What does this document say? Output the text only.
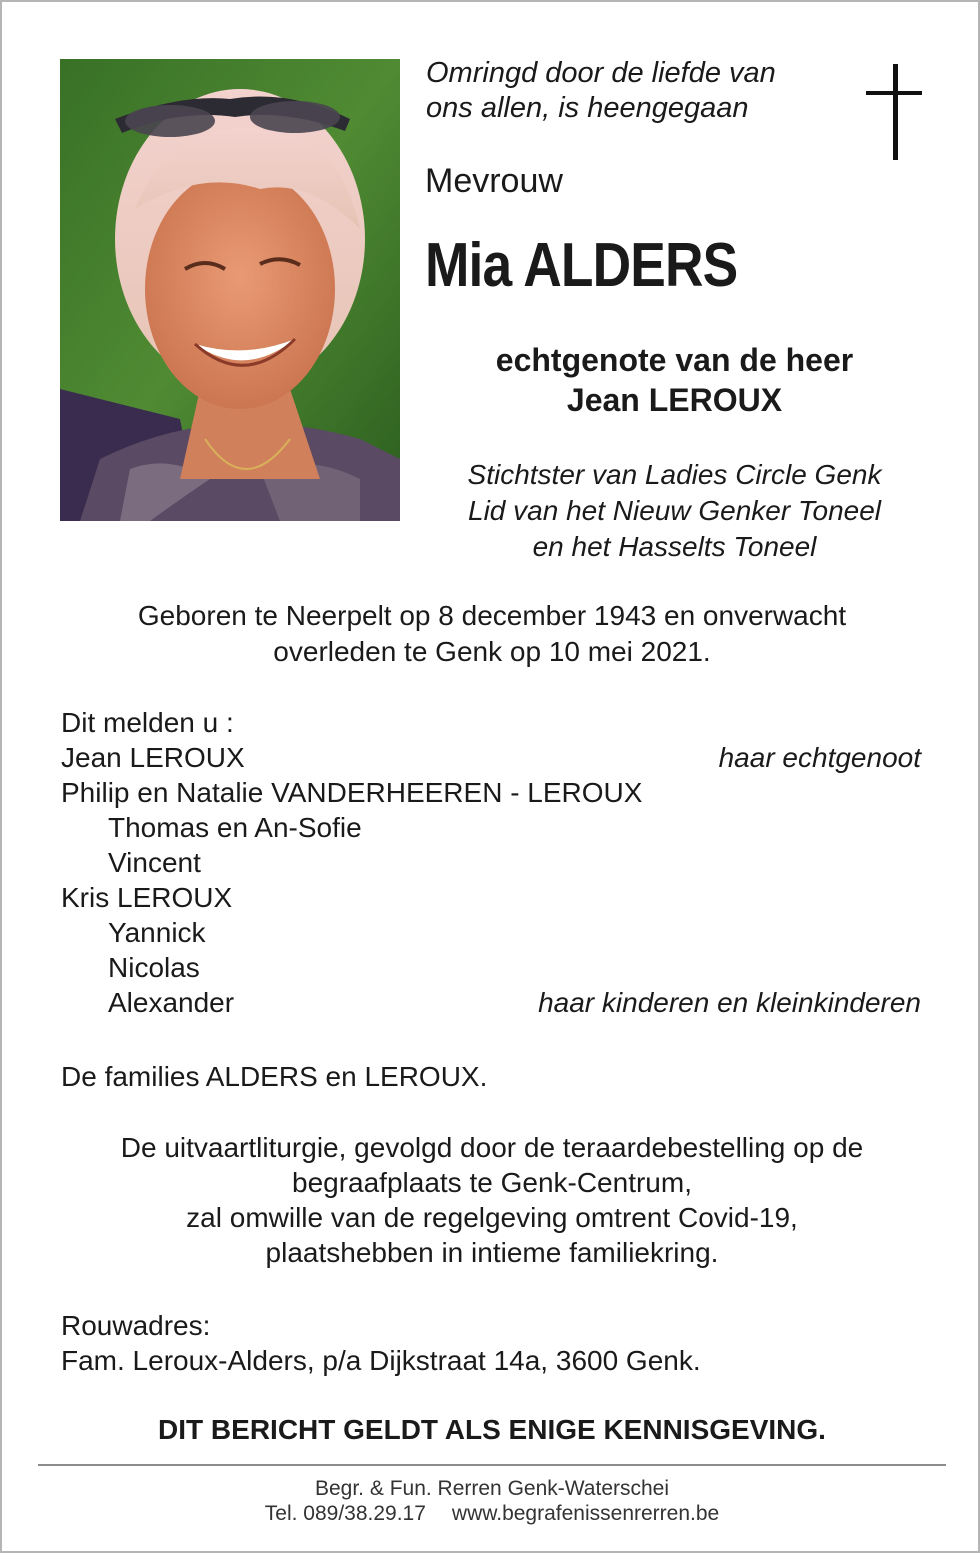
Omringd door de liefde van
ons allen, is heengegaan
Mevrouw
Mia ALDERS
echtgenote van de heer
Jean LEROUX
Stichtster van Ladies Circle Genk
Lid van het Nieuw Genker Toneel
en het Hasselts Toneel
Geboren te Neerpelt op 8 december 1943 en onverwacht
overleden te Genk op 10 mei 2021.
Dit melden u :
Jean LEROUX	haar echtgenoot
Philip en Natalie VANDERHEEREN - LEROUX
Thomas en An-Sofie
Vincent
Kris LEROUX
Yannick
Nicolas
Alexander	haar kinderen en kleinkinderen
De families ALDERS en LEROUX.
De uitvaartliturgie, gevolgd door de teraardebestelling op de
begraafplaats te Genk-Centrum,
zal omwille van de regelgeving omtrent Covid-19,
plaatshebben in intieme familiekring.
Rouwadres:
Fam. Leroux-Alders, p/a Dijkstraat 14a, 3600 Genk.
DIT BERICHT GELDT ALS ENIGE KENNISGEVING.
Begr. & Fun. Rerren Genk-Waterschei
Tel. 089/38.29.17 www.begrafenissenrerren.be
